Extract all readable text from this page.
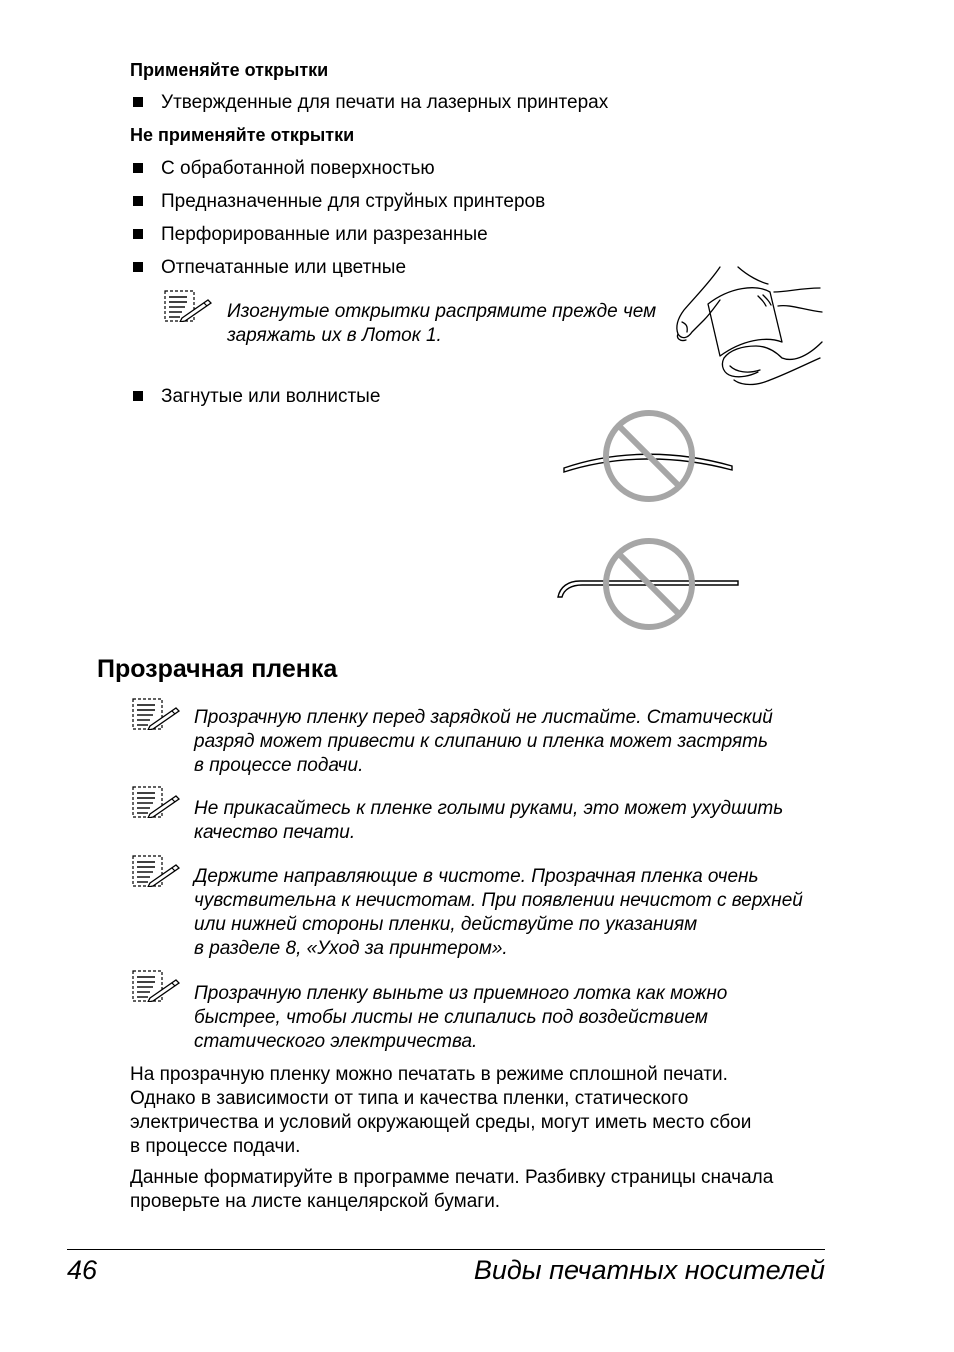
Применяйте открытки
Утвержденные для печати на лазерных принтерах
Не применяйте открытки
С обработанной поверхностью
Предназначенные для струйных принтеров
Перфорированные или разрезанные
Отпечатанные или цветные
Изогнутые открытки распрямите прежде чем
заряжать их в Лоток 1.
Загнутые или волнистые
Прозрачная пленка
Прозрачную пленку перед зарядкой не листайте. Статический
разряд может привести к слипанию и пленка может застрять
в процессе подачи.
Не прикасайтесь к пленке голыми руками, это может ухудшить
качество печати.
Держите направляющие в чистоте. Прозрачная пленка очень
чувствительна к нечистотам. При появлении нечистот с верхней
или нижней стороны пленки, действуйте по указаниям
в разделе 8, «Уход за принтером».
Прозрачную пленку выньте из приемного лотка как можно
быстрее, чтобы листы не слипались под воздействием
статического электричества.
На прозрачную пленку можно печатать в режиме сплошной печати.
Однако в зависимости от типа и качества пленки, статического
электричества и условий окружающей среды, могут иметь место сбои
в процессе подачи.
Данные форматируйте в программе печати. Разбивку страницы сначала
проверьте на листе канцелярской бумаги.
46	Виды печатных носителей
